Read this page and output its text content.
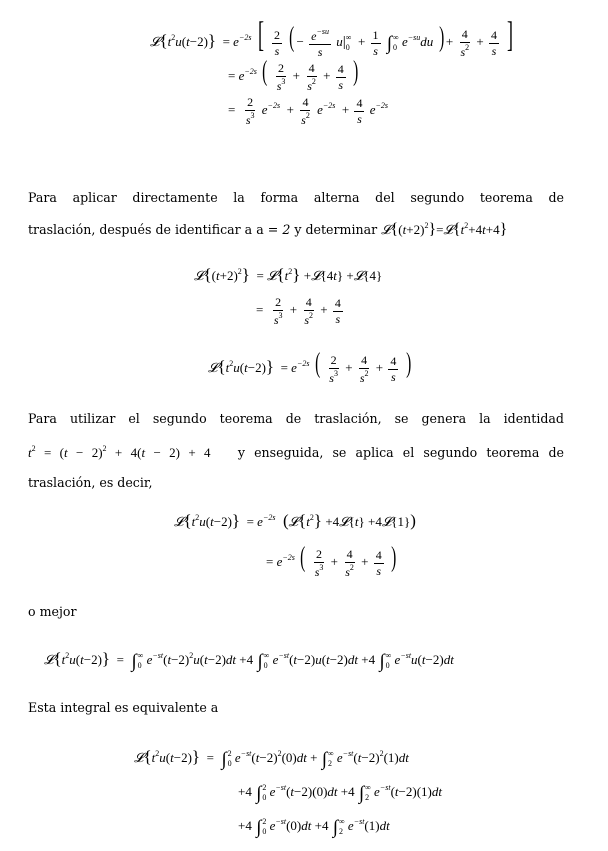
$𝓛\{t^2u(t-2)\} = e^{-2s}$ [ $\frac{2}{s}$ ( − $\frac{e^{-su}}{s} u|_0^\infty + \frac{1}{s} \int_0^\infty$ $e^{-su}du$ ) + $\frac{4}{s^2} + \frac{4}{s}$ ]
= $e^{-2s}$ ( $\frac{2}{s^3} + \frac{4}{s^2} + \frac{4}{s}$ )
= $\frac{2}{s^3} e^{-2s} + \frac{4}{s^2} e^{-2s} + \frac{4}{s} e^{-2s}$
Para aplicar directamente la forma alterna del segundo teorema de
traslación, después de identificar a a = 2 y determinar $𝓛\{(t+2)^2\}=𝓛\{t^2+4t+4\}$
$𝓛\{(t+2)^2\}$  = $𝓛\{t^2\}$ +𝓛{4t} +𝓛{4}
= $\frac{2}{s^3} + \frac{4}{s^2} + \frac{4}{s}$
$𝓛\{t^2u(t-2)\} = e^{-2s}$ ( $\frac{2}{s^3} + \frac{4}{s^2} + \frac{4}{s}$ )
Para utilizar el segundo teorema de traslación, se genera la identidad
$t^2 = (t - 2)^2 + 4(t - 2) + 4$ y enseguida, se aplica el segundo teorema de
traslación, es decir,
$𝓛\{t^2u(t-2)\} = e^{-2s}$  ($𝓛\{t^2\}$ +4𝓛{t} +4𝓛{1})
= $e^{-2s}$ ( $\frac{2}{s^3} + \frac{4}{s^2} + \frac{4}{s}$ )
o mejor
$𝓛\{t^2u(t-2)\} = \int_0^\infty$ $e^{-st}(t-2)^2u(t-2)dt +4$ $\int_0^\infty$ $e^{-st}(t-2)u(t-2)dt +4$ $\int_0^\infty$ $e^{-st}u(t-2)dt$
Esta integral es equivalente a
$𝓛\{t^2u(t-2)\} = \int_0^2$ $e^{-st}(t-2)^2(0)dt + \int_2^\infty$ $e^{-st}(t-2)^2(1)dt$
+4 $\int_0^2$ $e^{-st}(t-2)(0)dt +4$ $\int_2^\infty$ $e^{-st}(t-2)(1)dt$
+4 $\int_0^2$ $e^{-st}(0)dt +4$ $\int_2^\infty$ $e^{-st}(1)dt$
